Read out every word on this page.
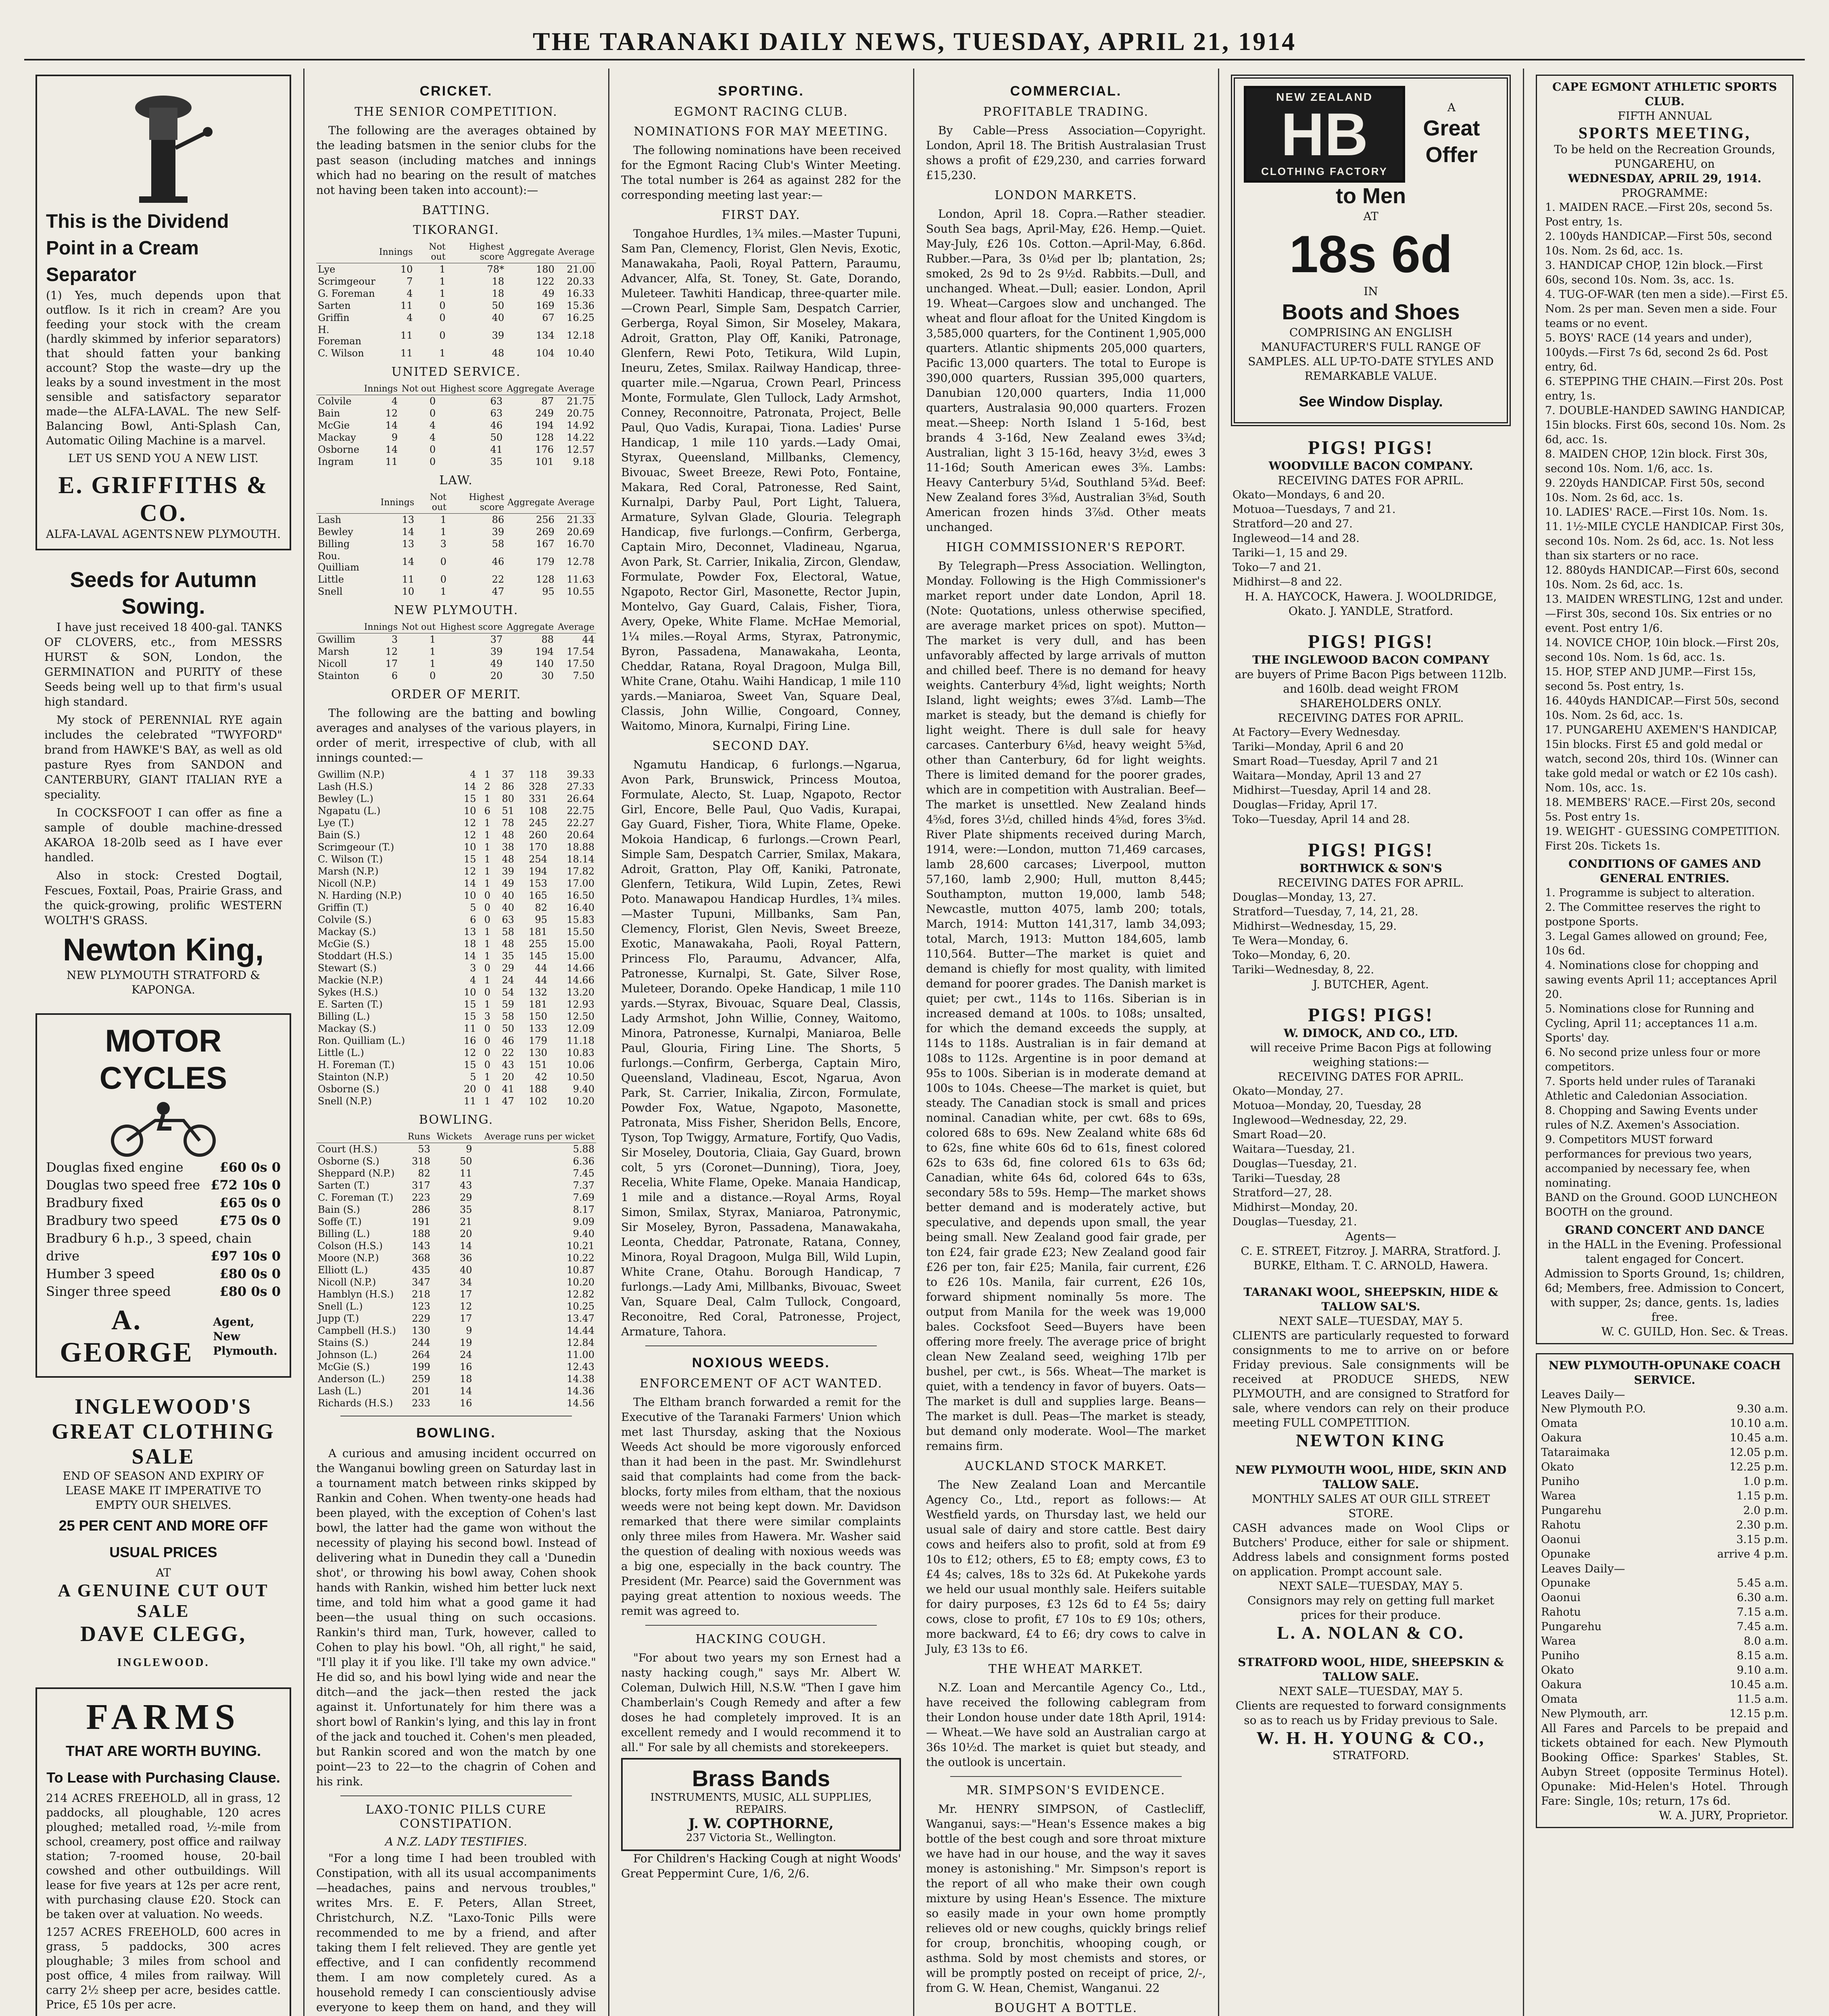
THE TARANAKI DAILY NEWS, TUESDAY, APRIL 21, 1914
This is the Dividend Point in a Cream Separator

(1) Yes, much depends upon that outflow. Is it rich in cream? Are you feeding your stock with the cream (hardly skimmed by inferior separators) that should fatten your banking account? Stop the waste—dry up the leaks by a sound investment in the most sensible and satisfactory separator made—the ALFA-LAVAL. The new Self-Balancing Bowl, Anti-Splash Can, Automatic Oiling Machine is a marvel.

LET US SEND YOU A NEW LIST.
E. GRIFFITHS & CO.
ALFA-LAVAL AGENTS NEW PLYMOUTH.
Seeds for Autumn Sowing.

I have just received 18 400-gal. TANKS OF CLOVERS, etc., from MESSRS HURST & SON, London, the GERMINATION and PURITY of these Seeds being well up to that firm's usual high standard.

My stock of PERENNIAL RYE again includes the celebrated "TWYFORD" brand from HAWKE'S BAY, as well as old pasture Ryes from SANDON and CANTERBURY, GIANT ITALIAN RYE a speciality.

In COCKSFOOT I can offer as fine a sample of double machine-dressed AKAROA 18-20lb seed as I have ever handled.

Also in stock: Crested Dogtail, Fescues, Foxtail, Poas, Prairie Grass, and the quick-growing, prolific WESTERN WOLTH'S GRASS.

Newton King,
NEW PLYMOUTH STRATFORD & KAPONGA.
MOTOR
CYCLES
Douglas fixed engine	£60 0s 0
Douglas two speed free £72 10s 0
Bradbury fixed	£65 0s 0
Bradbury two speed	£75 0s 0
Bradbury 6 h.p., 3 speed, chain drive	£97 10s 0
Humber 3 speed	£80 0s 0
Singer three speed	£80 0s 0
A. GEORGE
Agent, New Plymouth.
INGLEWOOD'S GREAT CLOTHING SALE
END OF SEASON AND EXPIRY OF LEASE MAKE IT IMPERATIVE TO EMPTY OUR SHELVES.
25 PER CENT AND MORE OFF USUAL PRICES
AT
A GENUINE CUT OUT SALE
DAVE CLEGG, INGLEWOOD.
FARMS
THAT ARE WORTH BUYING.
To Lease with Purchasing Clause.

214 ACRES FREEHOLD, all in grass, 12 paddocks, all ploughable, 120 acres ploughed; metalled road, ½-mile from school, creamery, post office and railway station; 7-roomed house, 20-bail cowshed and other outbuildings. Will lease for five years at 12s per acre rent, with purchasing clause £20. Stock can be taken over at valuation. No weeds.

1257 ACRES FREEHOLD, 600 acres in grass, 5 paddocks, 300 acres ploughable; 3 miles from school and post office, 4 miles from railway. Will carry 2½ sheep per acre, besides cattle. Price, £5 10s per acre.

CRICKET.
THE SENIOR COMPETITION.

The following are the averages obtained by the leading batsmen in the senior clubs for the past season (including matches and innings which had no bearing on the result of matches not having been taken into account):—

BATTING.
TIKORANGI.
	Innings	Not out	Highest score	Aggregate	Average
Lye	10	1	78*	180	21.00
Scrimgeour	7	1	18	122	20.33
G. Foreman	4	1	18	49	16.33
Sarten	11	0	50	169	15.36
Griffin	4	0	40	67	16.25
H. Foreman	11	0	39	134	12.18
C. Wilson	11	1	48	104	10.40
UNITED SERVICE.
	Innings	Not out	Highest score	Aggregate	Average
Colvile	4	0	63	87	21.75
Bain	12	0	63	249	20.75
McGie	14	4	46	194	14.92
Mackay	9	4	50	128	14.22
Osborne	14	0	41	176	12.57
Ingram	11	0	35	101	9.18
LAW.
	Innings	Not out	Highest score	Aggregate	Average
Lash	13	1	86	256	21.33
Bewley	14	1	39	269	20.69
Billing	13	3	58	167	16.70
Rou. Quilliam	14	0	46	179	12.78
Little	11	0	22	128	11.63
Snell	10	1	47	95	10.55
NEW PLYMOUTH.
	Innings	Not out	Highest score	Aggregate	Average
Gwillim	3	1	37	88	44
Marsh	12	1	39	194	17.54
Nicoll	17	1	49	140	17.50
Stainton	6	0	20	30	7.50
ORDER OF MERIT.

The following are the batting and bowling averages and analyses of the various players, in order of merit, irrespective of club, with all innings counted:—

Gwillim (N.P.)	4	1	37	118	39.33
Lash (H.S.)	14	2	86	328	27.33
Bewley (L.)	15	1	80	331	26.64
Ngapatu (L.)	10	6	51	108	22.75
Lye (T.)	12	1	78	245	22.27
Bain (S.)	12	1	48	260	20.64
Scrimgeour (T.)	10	1	38	170	18.88
C. Wilson (T.)	15	1	48	254	18.14
Marsh (N.P.)	12	1	39	194	17.82
Nicoll (N.P.)	14	1	49	153	17.00
N. Harding (N.P.)	10	0	40	165	16.50
Griffin (T.)	5	0	40	82	16.40
Colvile (S.)	6	0	63	95	15.83
Mackay (S.)	13	1	58	181	15.50
McGie (S.)	18	1	48	255	15.00
Stoddart (H.S.)	14	1	35	145	15.00
Stewart (S.)	3	0	29	44	14.66
Mackie (N.P.)	4	1	24	44	14.66
Sykes (H.S.)	10	0	54	132	13.20
E. Sarten (T.)	15	1	59	181	12.93
Billing (L.)	15	3	58	150	12.50
Mackay (S.)	11	0	50	133	12.09
Ron. Quilliam (L.)	16	0	46	179	11.18
Little (L.)	12	0	22	130	10.83
H. Foreman (T.)	15	0	43	151	10.06
Stainton (N.P.)	5	1	20	42	10.50
Osborne (S.)	20	0	41	188	9.40
Snell (N.P.)	11	1	47	102	10.20
BOWLING.
	Runs	Wickets	Average runs per wicket
Court (H.S.)	53	9	5.88
Osborne (S.)	318	50	6.36
Sheppard (N.P.)	82	11	7.45
Sarten (T.)	317	43	7.37
C. Foreman (T.)	223	29	7.69
Bain (S.)	286	35	8.17
Soffe (T.)	191	21	9.09
Billing (L.)	188	20	9.40
Colson (H.S.)	143	14	10.21
Moore (N.P.)	368	36	10.22
Elliott (L.)	435	40	10.87
Nicoll (N.P.)	347	34	10.20
Hamblyn (H.S.)	218	17	12.82
Snell (L.)	123	12	10.25
Jupp (T.)	229	17	13.47
Campbell (H.S.)	130	9	14.44
Stains (S.)	244	19	12.84
Johnson (L.)	264	24	11.00
McGie (S.)	199	16	12.43
Anderson (L.)	259	18	14.38
Lash (L.)	201	14	14.36
Richards (H.S.)	233	16	14.56
BOWLING.

A curious and amusing incident occurred on the Wanganui bowling green on Saturday last in a tournament match between rinks skipped by Rankin and Cohen. When twenty-one heads had been played, with the exception of Cohen's last bowl, the latter had the game won without the necessity of playing his second bowl. Instead of delivering what in Dunedin they call a 'Dunedin shot', or throwing his bowl away, Cohen shook hands with Rankin, wished him better luck next time, and told him what a good game it had been—the usual thing on such occasions. Rankin's third man, Turk, however, called to Cohen to play his bowl. "Oh, all right," he said, "I'll play it if you like. I'll take my own advice." He did so, and his bowl lying wide and near the ditch—and the jack—then rested the jack against it. Unfortunately for him there was a short bowl of Rankin's lying, and this lay in front of the jack and touched it. Cohen's men pleaded, but Rankin scored and won the match by one point—23 to 22—to the chagrin of Cohen and his rink.

LAXO-TONIC PILLS CURE CONSTIPATION.
A N.Z. LADY TESTIFIES.

"For a long time I had been troubled with Constipation, with all its usual accompaniments—headaches, pains and nervous troubles," writes Mrs. E. F. Peters, Allan Street, Christchurch, N.Z. "Laxo-Tonic Pills were recommended to me by a friend, and after taking them I felt relieved. They are gentle yet effective, and I can confidently recommend them. I am now completely cured. As a household remedy I can conscientiously advise everyone to keep them on hand, and they will

SPORTING.
EGMONT RACING CLUB.
NOMINATIONS FOR MAY MEETING.

The following nominations have been received for the Egmont Racing Club's Winter Meeting. The total number is 264 as against 282 for the corresponding meeting last year:—

FIRST DAY.

Tongahoe Hurdles, 1¾ miles.—Master Tupuni, Sam Pan, Clemency, Florist, Glen Nevis, Exotic, Manawakaha, Paoli, Royal Pattern, Paraumu, Advancer, Alfa, St. Toney, St. Gate, Dorando, Muleteer. Tawhiti Handicap, three-quarter mile.—Crown Pearl, Simple Sam, Despatch Carrier, Gerberga, Royal Simon, Sir Moseley, Makara, Adroit, Gratton, Play Off, Kaniki, Patronage, Glenfern, Rewi Poto, Tetikura, Wild Lupin, Ineuru, Zetes, Smilax. Railway Handicap, three-quarter mile.—Ngarua, Crown Pearl, Princess Monte, Formulate, Glen Tullock, Lady Armshot, Conney, Reconnoitre, Patronata, Project, Belle Paul, Quo Vadis, Kurapai, Tiona. Ladies' Purse Handicap, 1 mile 110 yards.—Lady Omai, Styrax, Queensland, Millbanks, Clemency, Bivouac, Sweet Breeze, Rewi Poto, Fontaine, Makara, Red Coral, Patronesse, Red Saint, Kurnalpi, Darby Paul, Port Light, Taluera, Armature, Sylvan Glade, Glouria. Telegraph Handicap, five furlongs.—Confirm, Gerberga, Captain Miro, Deconnet, Vladineau, Ngarua, Avon Park, St. Carrier, Inikalia, Zircon, Glendaw, Formulate, Powder Fox, Electoral, Watue, Ngapoto, Rector Girl, Masonette, Rector Jupin, Montelvo, Gay Guard, Calais, Fisher, Tiora, Avery, Opeke, White Flame. McHae Memorial, 1¼ miles.—Royal Arms, Styrax, Patronymic, Byron, Passadena, Manawakaha, Leonta, Cheddar, Ratana, Royal Dragoon, Mulga Bill, White Crane, Otahu. Waihi Handicap, 1 mile 110 yards.—Maniaroa, Sweet Van, Square Deal, Classis, John Willie, Congoard, Conney, Waitomo, Minora, Kurnalpi, Firing Line.

SECOND DAY.

Ngamutu Handicap, 6 furlongs.—Ngarua, Avon Park, Brunswick, Princess Moutoa, Formulate, Alecto, St. Luap, Ngapoto, Rector Girl, Encore, Belle Paul, Quo Vadis, Kurapai, Gay Guard, Fisher, Tiora, White Flame, Opeke. Mokoia Handicap, 6 furlongs.—Crown Pearl, Simple Sam, Despatch Carrier, Smilax, Makara, Adroit, Gratton, Play Off, Kaniki, Patronate, Glenfern, Tetikura, Wild Lupin, Zetes, Rewi Poto. Manawapou Handicap Hurdles, 1¾ miles.—Master Tupuni, Millbanks, Sam Pan, Clemency, Florist, Glen Nevis, Sweet Breeze, Exotic, Manawakaha, Paoli, Royal Pattern, Princess Flo, Paraumu, Advancer, Alfa, Patronesse, Kurnalpi, St. Gate, Silver Rose, Muleteer, Dorando. Opeke Handicap, 1 mile 110 yards.—Styrax, Bivouac, Square Deal, Classis, Lady Armshot, John Willie, Conney, Waitomo, Minora, Patronesse, Kurnalpi, Maniaroa, Belle Paul, Glouria, Firing Line. The Shorts, 5 furlongs.—Confirm, Gerberga, Captain Miro, Queensland, Vladineau, Escot, Ngarua, Avon Park, St. Carrier, Inikalia, Zircon, Formulate, Powder Fox, Watue, Ngapoto, Masonette, Patronata, Miss Fisher, Sheridon Bells, Encore, Tyson, Top Twiggy, Armature, Fortify, Quo Vadis, Sir Moseley, Doutoria, Cliaia, Gay Guard, brown colt, 5 yrs (Coronet—Dunning), Tiora, Joey, Recelia, White Flame, Opeke. Manaia Handicap, 1 mile and a distance.—Royal Arms, Royal Simon, Smilax, Styrax, Maniaroa, Patronymic, Sir Moseley, Byron, Passadena, Manawakaha, Leonta, Cheddar, Patronate, Ratana, Conney, Minora, Royal Dragoon, Mulga Bill, Wild Lupin, White Crane, Otahu. Borough Handicap, 7 furlongs.—Lady Ami, Millbanks, Bivouac, Sweet Van, Square Deal, Calm Tullock, Congoard, Reconoitre, Red Coral, Patronesse, Project, Armature, Tahora.

NOXIOUS WEEDS.
ENFORCEMENT OF ACT WANTED.

The Eltham branch forwarded a remit for the Executive of the Taranaki Farmers' Union which met last Thursday, asking that the Noxious Weeds Act should be more vigorously enforced than it had been in the past. Mr. Swindlehurst said that complaints had come from the back-blocks, forty miles from eltham, that the noxious weeds were not being kept down. Mr. Davidson remarked that there were similar complaints only three miles from Hawera. Mr. Washer said the question of dealing with noxious weeds was a big one, especially in the back country. The President (Mr. Pearce) said the Government was paying great attention to noxious weeds. The remit was agreed to.

HACKING COUGH.

"For about two years my son Ernest had a nasty hacking cough," says Mr. Albert W. Coleman, Dulwich Hill, N.S.W. "Then I gave him Chamberlain's Cough Remedy and after a few doses he had completely improved. It is an excellent remedy and I would recommend it to all." For sale by all chemists and storekeepers.

Brass Bands
INSTRUMENTS, MUSIC, ALL SUPPLIES, REPAIRS.
J. W. COPTHORNE,
237 Victoria St., Wellington.

For Children's Hacking Cough at night Woods' Great Peppermint Cure, 1/6, 2/6.

COMMERCIAL.
PROFITABLE TRADING.

By Cable—Press Association—Copyright. London, April 18. The British Australasian Trust shows a profit of £29,230, and carries forward £15,230.

LONDON MARKETS.

London, April 18. Copra.—Rather steadier. South Sea bags, April-May, £26. Hemp.—Quiet. May-July, £26 10s. Cotton.—April-May, 6.86d. Rubber.—Para, 3s 0⅛d per lb; plantation, 2s; smoked, 2s 9d to 2s 9½d. Rabbits.—Dull, and unchanged. Wheat.—Dull; easier. London, April 19. Wheat—Cargoes slow and unchanged. The wheat and flour afloat for the United Kingdom is 3,585,000 quarters, for the Continent 1,905,000 quarters. Atlantic shipments 205,000 quarters, Pacific 13,000 quarters. The total to Europe is 390,000 quarters, Russian 395,000 quarters, Danubian 120,000 quarters, India 11,000 quarters, Australasia 90,000 quarters. Frozen meat.—Sheep: North Island 1 5-16d, best brands 4 3-16d, New Zealand ewes 3¾d; Australian, light 3 15-16d, heavy 3½d, ewes 3 11-16d; South American ewes 3⅝. Lambs: Heavy Canterbury 5¼d, Southland 5¾d. Beef: New Zealand fores 3⅝d, Australian 3⅝d, South American frozen hinds 3⅞d. Other meats unchanged.

HIGH COMMISSIONER'S REPORT.

By Telegraph—Press Association. Wellington, Monday. Following is the High Commissioner's market report under date London, April 18. (Note: Quotations, unless otherwise specified, are average market prices on spot). Mutton—The market is very dull, and has been unfavorably affected by large arrivals of mutton and chilled beef. There is no demand for heavy weights. Canterbury 4⅝d, light weights; North Island, light weights; ewes 3⅞d. Lamb—The market is steady, but the demand is chiefly for light weight. There is dull sale for heavy carcases. Canterbury 6⅛d, heavy weight 5⅜d, other than Canterbury, 6d for light weights. There is limited demand for the poorer grades, which are in competition with Australian. Beef—The market is unsettled. New Zealand hinds 4⅝d, fores 3½d, chilled hinds 4⅝d, fores 3⅝d. River Plate shipments received during March, 1914, were:—London, mutton 71,469 carcases, lamb 28,600 carcases; Liverpool, mutton 57,160, lamb 2,900; Hull, mutton 8,445; Southampton, mutton 19,000, lamb 548; Newcastle, mutton 4075, lamb 200; totals, March, 1914: Mutton 141,317, lamb 34,093; total, March, 1913: Mutton 184,605, lamb 110,564. Butter—The market is quiet and demand is chiefly for most quality, with limited demand for poorer grades. The Danish market is quiet; per cwt., 114s to 116s. Siberian is in increased demand at 100s. to 108s; unsalted, for which the demand exceeds the supply, at 114s to 118s. Australian is in fair demand at 108s to 112s. Argentine is in poor demand at 95s to 100s. Siberian is in moderate demand at 100s to 104s. Cheese—The market is quiet, but steady. The Canadian stock is small and prices nominal. Canadian white, per cwt. 68s to 69s, colored 68s to 69s. New Zealand white 68s 6d to 62s, fine white 60s 6d to 61s, finest colored 62s to 63s 6d, fine colored 61s to 63s 6d; Canadian, white 64s 6d, colored 64s to 63s, secondary 58s to 59s. Hemp—The market shows better demand and is moderately active, but speculative, and depends upon small, the year being small. New Zealand good fair grade, per ton £24, fair grade £23; New Zealand good fair £26 per ton, fair £25; Manila, fair current, £26 to £26 10s. Manila, fair current, £26 10s, forward shipment nominally 5s more. The output from Manila for the week was 19,000 bales. Cocksfoot Seed—Buyers have been offering more freely. The average price of bright clean New Zealand seed, weighing 17lb per bushel, per cwt., is 56s. Wheat—The market is quiet, with a tendency in favor of buyers. Oats—The market is dull and supplies large. Beans—The market is dull. Peas—The market is steady, but demand only moderate. Wool—The market remains firm.

AUCKLAND STOCK MARKET.

The New Zealand Loan and Mercantile Agency Co., Ltd., report as follows:— At Westfield yards, on Thursday last, we held our usual sale of dairy and store cattle. Best dairy cows and heifers also to profit, sold at from £9 10s to £12; others, £5 to £8; empty cows, £3 to £4 4s; calves, 18s to 32s 6d. At Pukekohe yards we held our usual monthly sale. Heifers suitable for dairy purposes, £3 12s 6d to £4 5s; dairy cows, close to profit, £7 10s to £9 10s; others, more backward, £4 to £6; dry cows to calve in July, £3 13s to £6.

THE WHEAT MARKET.

N.Z. Loan and Mercantile Agency Co., Ltd., have received the following cablegram from their London house under date 18th April, 1914:— Wheat.—We have sold an Australian cargo at 36s 10½d. The market is quiet but steady, and the outlook is uncertain.

MR. SIMPSON'S EVIDENCE.

Mr. HENRY SIMPSON, of Castlecliff, Wanganui, says:—"Hean's Essence makes a big bottle of the best cough and sore throat mixture we have had in our house, and the way it saves money is astonishing." Mr. Simpson's report is the report of all who make their own cough mixture by using Hean's Essence. The mixture so easily made in your own home promptly relieves old or new coughs, quickly brings relief for croup, bronchitis, whooping cough, or asthma. Sold by most chemists and stores, or will be promptly posted on receipt of price, 2/-, from G. W. Hean, Chemist, Wanganui. 22

BOUGHT A BOTTLE.

NEW ZEALAND
HB
CLOTHING FACTORY
A
Great Offer
to Men
AT
18s 6d
IN
Boots and Shoes
COMPRISING AN ENGLISH MANUFACTURER'S FULL RANGE OF SAMPLES. ALL UP-TO-DATE STYLES AND REMARKABLE VALUE.
See Window Display.
PIGS! PIGS!
WOODVILLE BACON COMPANY.
RECEIVING DATES FOR APRIL.
Okato—Mondays, 6 and 20.
Motuoa—Tuesdays, 7 and 21.
Stratford—20 and 27.
Ingleweod—14 and 28.
Tariki—1, 15 and 29.
Toko—7 and 21.
Midhirst—8 and 22.
H. A. HAYCOCK, Hawera. J. WOOLDRIDGE, Okato. J. YANDLE, Stratford.
PIGS! PIGS!
THE INGLEWOOD BACON COMPANY
are buyers of Prime Bacon Pigs between 112lb. and 160lb. dead weight FROM SHAREHOLDERS ONLY.
RECEIVING DATES FOR APRIL.
At Factory—Every Wednesday.
Tariki—Monday, April 6 and 20
Smart Road—Tuesday, April 7 and 21
Waitara—Monday, April 13 and 27
Midhirst—Tuesday, April 14 and 28.
Douglas—Friday, April 17.
Toko—Tuesday, April 14 and 28.
PIGS! PIGS!
BORTHWICK & SON'S
RECEIVING DATES FOR APRIL.
Douglas—Monday, 13, 27.
Stratford—Tuesday, 7, 14, 21, 28.
Midhirst—Wednesday, 15, 29.
Te Wera—Monday, 6.
Toko—Monday, 6, 20.
Tariki—Wednesday, 8, 22.
J. BUTCHER, Agent.
PIGS! PIGS!
W. DIMOCK, AND CO., LTD.
will receive Prime Bacon Pigs at following weighing stations:—
RECEIVING DATES FOR APRIL.
Okato—Monday, 27.
Motuoa—Monday, 20, Tuesday, 28
Inglewood—Wednesday, 22, 29.
Smart Road—20.
Waitara—Tuesday, 21.
Douglas—Tuesday, 21.
Tariki—Tuesday, 28
Stratford—27, 28.
Midhirst—Monday, 20.
Douglas—Tuesday, 21.
Agents—
C. E. STREET, Fitzroy. J. MARRA, Stratford. J. BURKE, Eltham. T. C. ARNOLD, Hawera.
TARANAKI WOOL, SHEEPSKIN, HIDE & TALLOW SAL'S.
NEXT SALE—TUESDAY, MAY 5.
CLIENTS are particularly requested to forward consignments to me to arrive on or before Friday previous. Sale consignments will be received at PRODUCE SHEDS, NEW PLYMOUTH, and are consigned to Stratford for sale, where vendors can rely on their produce meeting FULL COMPETITION.
NEWTON KING
NEW PLYMOUTH WOOL, HIDE, SKIN AND TALLOW SALE.
MONTHLY SALES AT OUR GILL STREET STORE.
CASH advances made on Wool Clips or Butchers' Produce, either for sale or shipment. Address labels and consignment forms posted on application. Prompt account sale.
NEXT SALE—TUESDAY, MAY 5.
Consignors may rely on getting full market prices for their produce.
L. A. NOLAN & CO.
STRATFORD WOOL, HIDE, SHEEPSKIN & TALLOW SALE.
NEXT SALE—TUESDAY, MAY 5.
Clients are requested to forward consignments so as to reach us by Friday previous to Sale.
W. H. H. YOUNG & CO.,
STRATFORD.
CAPE EGMONT ATHLETIC SPORTS CLUB.
FIFTH ANNUAL
SPORTS MEETING,
To be held on the Recreation Grounds, PUNGAREHU, on
WEDNESDAY, APRIL 29, 1914.
PROGRAMME:
1. MAIDEN RACE.—First 20s, second 5s. Post entry, 1s.
2. 100yds HANDICAP.—First 50s, second 10s. Nom. 2s 6d, acc. 1s.
3. HANDICAP CHOP, 12in block.—First 60s, second 10s. Nom. 3s, acc. 1s.
4. TUG-OF-WAR (ten men a side).—First £5. Nom. 2s per man. Seven men a side. Four teams or no event.
5. BOYS' RACE (14 years and under), 100yds.—First 7s 6d, second 2s 6d. Post entry, 6d.
6. STEPPING THE CHAIN.—First 20s. Post entry, 1s.
7. DOUBLE-HANDED SAWING HANDICAP, 15in blocks. First 60s, second 10s. Nom. 2s 6d, acc. 1s.
8. MAIDEN CHOP, 12in block. First 30s, second 10s. Nom. 1/6, acc. 1s.
9. 220yds HANDICAP. First 50s, second 10s. Nom. 2s 6d, acc. 1s.
10. LADIES' RACE.—First 10s. Nom. 1s.
11. 1½-MILE CYCLE HANDICAP. First 30s, second 10s. Nom. 2s 6d, acc. 1s. Not less than six starters or no race.
12. 880yds HANDICAP.—First 60s, second 10s. Nom. 2s 6d, acc. 1s.
13. MAIDEN WRESTLING, 12st and under.—First 30s, second 10s. Six entries or no event. Post entry 1/6.
14. NOVICE CHOP, 10in block.—First 20s, second 10s. Nom. 1s 6d, acc. 1s.
15. HOP, STEP AND JUMP.—First 15s, second 5s. Post entry, 1s.
16. 440yds HANDICAP.—First 50s, second 10s. Nom. 2s 6d, acc. 1s.
17. PUNGAREHU AXEMEN'S HANDICAP, 15in blocks. First £5 and gold medal or watch, second 20s, third 10s. (Winner can take gold medal or watch or £2 10s cash). Nom. 10s, acc. 1s.
18. MEMBERS' RACE.—First 20s, second 5s. Post entry 1s.
19. WEIGHT - GUESSING COMPETITION. First 20s. Tickets 1s.
CONDITIONS OF GAMES AND GENERAL ENTRIES.
1. Programme is subject to alteration.
2. The Committee reserves the right to postpone Sports.
3. Legal Games allowed on ground; Fee, 10s 6d.
4. Nominations close for chopping and sawing events April 11; acceptances April 20.
5. Nominations close for Running and Cycling, April 11; acceptances 11 a.m. Sports' day.
6. No second prize unless four or more competitors.
7. Sports held under rules of Taranaki Athletic and Caledonian Association.
8. Chopping and Sawing Events under rules of N.Z. Axemen's Association.
9. Competitors MUST forward performances for previous two years, accompanied by necessary fee, when nominating.
BAND on the Ground. GOOD LUNCHEON BOOTH on the ground.
GRAND CONCERT AND DANCE
in the HALL in the Evening. Professional talent engaged for Concert.
Admission to Sports Ground, 1s; children, 6d; Members, free. Admission to Concert, with supper, 2s; dance, gents. 1s, ladies free.
W. C. GUILD, Hon. Sec. & Treas.
NEW PLYMOUTH-OPUNAKE COACH SERVICE.
Leaves Daily—
New Plymouth P.O.	9.30 a.m.
Omata	10.10 a.m.
Oakura	10.45 a.m.
Tataraimaka	12.05 p.m.
Okato	12.25 p.m.
Puniho	1.0 p.m.
Warea	1.15 p.m.
Pungarehu	2.0 p.m.
Rahotu	2.30 p.m.
Oaonui	3.15 p.m.
Opunake	arrive 4 p.m.
Leaves Daily—
Opunake	5.45 a.m.
Oaonui	6.30 a.m.
Rahotu	7.15 a.m.
Pungarehu	7.45 a.m.
Warea	8.0 a.m.
Puniho	8.15 a.m.
Okato	9.10 a.m.
Oakura	10.45 a.m.
Omata	11.5 a.m.
New Plymouth, arr.	12.15 p.m.
All Fares and Parcels to be prepaid and tickets obtained for each. New Plymouth Booking Office: Sparkes' Stables, St. Aubyn Street (opposite Terminus Hotel). Opunake: Mid-Helen's Hotel. Through Fare: Single, 10s; return, 17s 6d.
W. A. JURY, Proprietor.
